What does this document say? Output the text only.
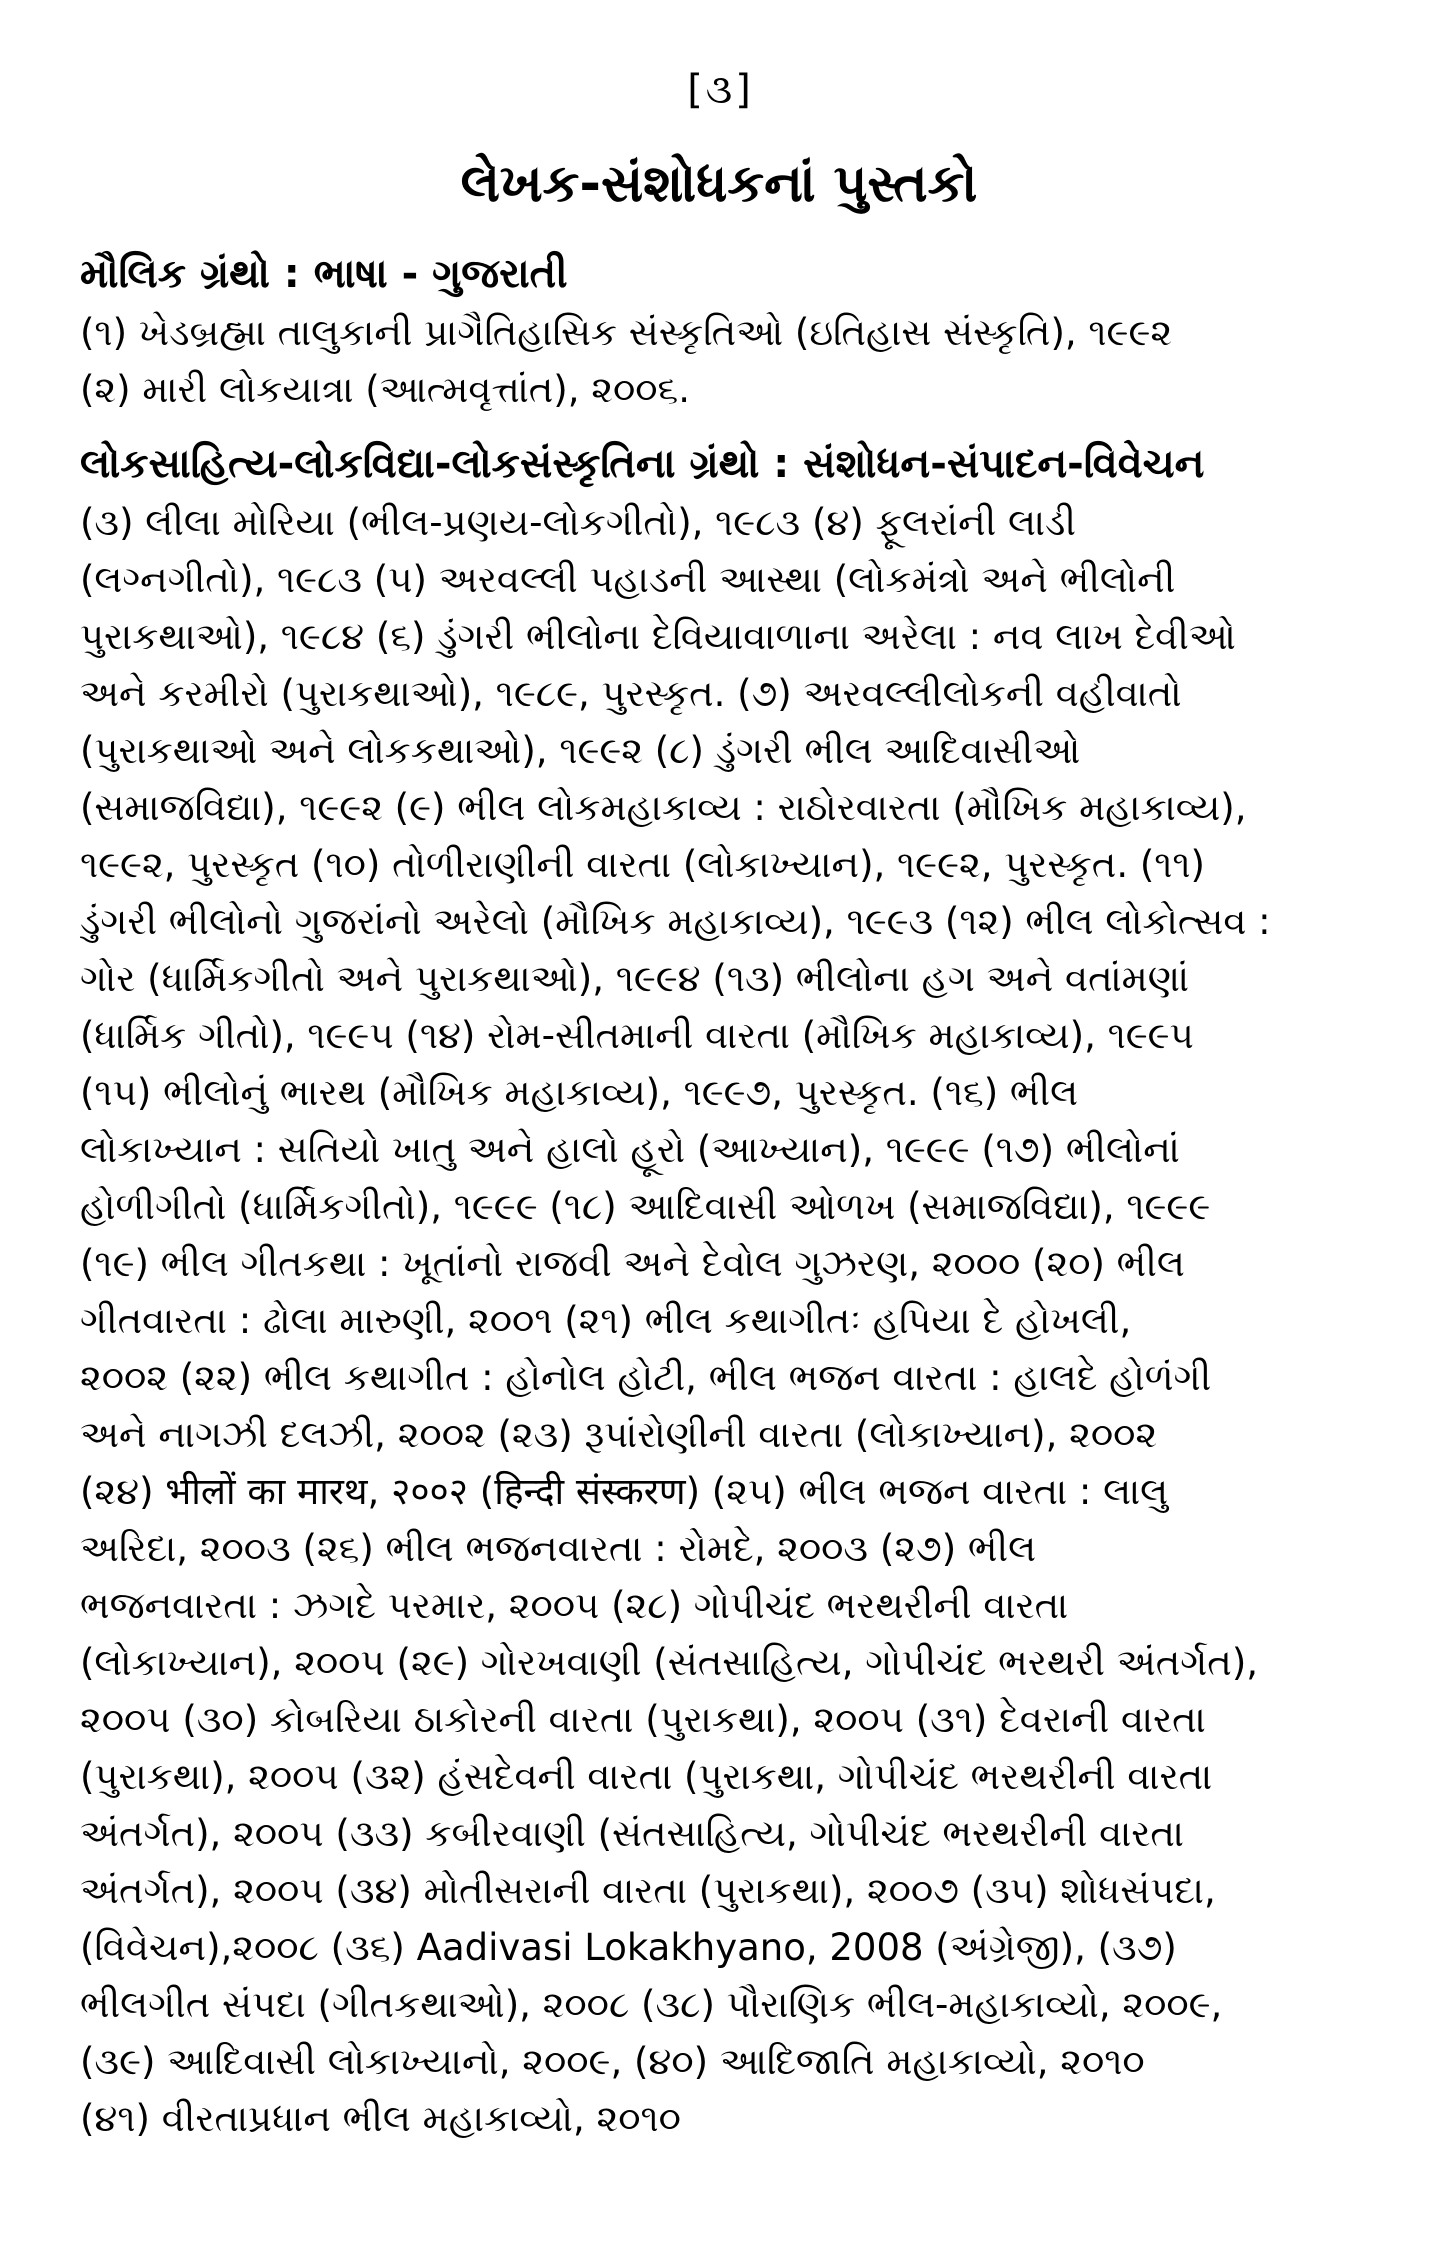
[૩]
લેખક-સંશોધકનાં પુસ્તકો
મૌલિક ગ્રંથો : ભાષા - ગુજરાતી
(૧) ખેડબ્રહ્મા તાલુકાની પ્રાગૈતિહાસિક સંસ્કૃતિઓ (ઇતિહાસ સંસ્કૃતિ), ૧૯૯૨
(૨) મારી લોકયાત્રા (આત્મવૃત્તાંત), ૨૦૦૬.
લોકસાહિત્ય-લોકવિદ્યા-લોકસંસ્કૃતિના ગ્રંથો : સંશોધન-સંપાદન-વિવેચન
(૩) લીલા મોરિયા (ભીલ-પ્રણય-લોકગીતો), ૧૯૮૩ (૪) ફૂલરાંની લાડી
(લગ્નગીતો), ૧૯૮૩ (૫) અરવલ્લી પહાડની આસ્થા (લોકમંત્રો અને ભીલોની
પુરાકથાઓ), ૧૯૮૪ (૬) ડુંગરી ભીલોના દેવિયાવાળાના અરેલા : નવ લાખ દેવીઓ
અને કરમીરો (પુરાકથાઓ), ૧૯૮૯, પુરસ્કૃત. (૭) અરવલ્લીલોકની વહીવાતો
(પુરાકથાઓ અને લોકકથાઓ), ૧૯૯૨ (૮) ડુંગરી ભીલ આદિવાસીઓ
(સમાજવિદ્યા), ૧૯૯૨ (૯) ભીલ લોકમહાકાવ્ય : રાઠોરવારતા (મૌખિક મહાકાવ્ય),
૧૯૯૨, પુરસ્કૃત (૧૦) તોળીરાણીની વારતા (લોકાખ્યાન), ૧૯૯૨, પુરસ્કૃત. (૧૧)
ડુંગરી ભીલોનો ગુજરાંનો અરેલો (મૌખિક મહાકાવ્ય), ૧૯૯૩ (૧૨) ભીલ લોકોત્સવ :
ગોર (ધાર્મિકગીતો અને પુરાકથાઓ), ૧૯૯૪ (૧૩) ભીલોના હગ અને વતાંમણાં
(ધાર્મિક ગીતો), ૧૯૯૫ (૧૪) રોમ-સીતમાની વારતા (મૌખિક મહાકાવ્ય), ૧૯૯૫
(૧૫) ભીલોનું ભારથ (મૌખિક મહાકાવ્ય), ૧૯૯૭, પુરસ્કૃત. (૧૬) ભીલ
લોકાખ્યાન : સતિયો ખાતુ અને હાલો હૂરો (આખ્યાન), ૧૯૯૯ (૧૭) ભીલોનાં
હોળીગીતો (ધાર્મિકગીતો), ૧૯૯૯ (૧૮) આદિવાસી ઓળખ (સમાજવિદ્યા), ૧૯૯૯
(૧૯) ભીલ ગીતકથા : ખૂતાંનો રાજવી અને દેવોલ ગુઝરણ, ૨૦૦૦ (૨૦) ભીલ
ગીતવારતા : ઢોલા મારુણી, ૨૦૦૧ (૨૧) ભીલ કથાગીતઃ હપિયા દે હોખલી,
૨૦૦૨ (૨૨) ભીલ કથાગીત : હોનોલ હોટી, ભીલ ભજન વારતા : હાલદે હોળંગી
અને નાગઝી દલઝી, ૨૦૦૨ (૨૩) રૂપાંરોણીની વારતા (લોકાખ્યાન), ૨૦૦૨
(૨૪) भीलों का मारथ, २००२ (हिन्दी संस्करण) (૨૫) ભીલ ભજન વારતા : લાલુ
અરિદા, ૨૦૦૩ (૨૬) ભીલ ભજનવારતા : રોમદે, ૨૦૦૩ (૨૭) ભીલ
ભજનવારતા : ઝગદે પરમાર, ૨૦૦૫ (૨૮) ગોપીચંદ ભરથરીની વારતા
(લોકાખ્યાન), ૨૦૦૫ (૨૯) ગોરખવાણી (સંતસાહિત્ય, ગોપીચંદ ભરથરી અંતર્ગત),
૨૦૦૫ (૩૦) કોબરિયા ઠાકોરની વારતા (પુરાકથા), ૨૦૦૫ (૩૧) દેવરાની વારતા
(પુરાકથા), ૨૦૦૫ (૩૨) હંસદેવની વારતા (પુરાકથા, ગોપીચંદ ભરથરીની વારતા
અંતર્ગત), ૨૦૦૫ (૩૩) કબીરવાણી (સંતસાહિત્ય, ગોપીચંદ ભરથરીની વારતા
અંતર્ગત), ૨૦૦૫ (૩૪) મોતીસરાની વારતા (પુરાકથા), ૨૦૦૭ (૩૫) શોધસંપદા,
(વિવેચન),૨૦૦૮ (૩૬) Aadivasi Lokakhyano, 2008 (અંગ્રેજી), (૩૭)
ભીલગીત સંપદા (ગીતકથાઓ), ૨૦૦૮ (૩૮) પૌરાણિક ભીલ-મહાકાવ્યો, ૨૦૦૯,
(૩૯) આદિવાસી લોકાખ્યાનો, ૨૦૦૯, (૪૦) આદિજાતિ મહાકાવ્યો, ૨૦૧૦
(૪૧) વીરતાપ્રધાન ભીલ મહાકાવ્યો, ૨૦૧૦
